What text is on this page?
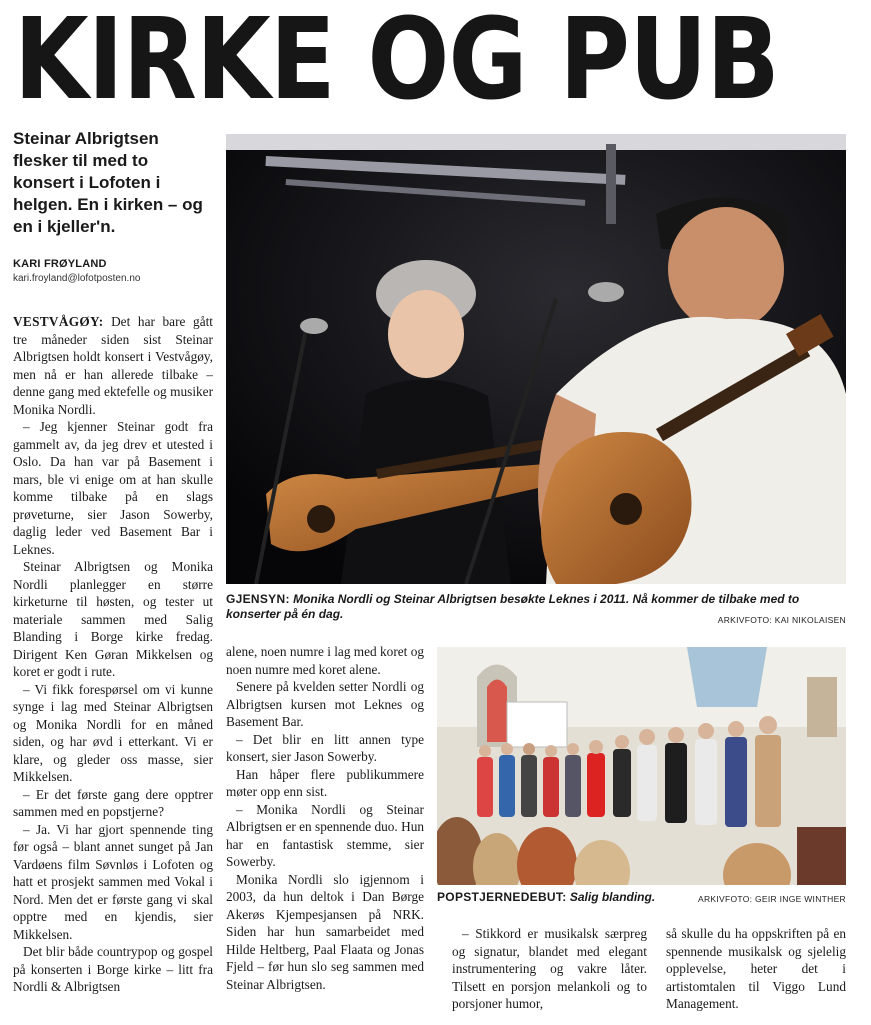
KIRKE OG PUB
Steinar Albrigtsen flesker til med to konsert i Lofoten i helgen. En i kirken – og en i kjeller'n.
KARI FRØYLAND
kari.froyland@lofotposten.no

VESTVÅGØY: Det har bare gått tre måneder siden sist Steinar Albrigtsen holdt konsert i Vestvågøy, men nå er han allerede tilbake – denne gang med ektefelle og musiker Monika Nordli.

– Jeg kjenner Steinar godt fra gammelt av, da jeg drev et utested i Oslo. Da han var på Basement i mars, ble vi enige om at han skulle komme tilbake på en slags prøveturne, sier Jason Sowerby, daglig leder ved Basement Bar i Leknes.

Steinar Albrigtsen og Monika Nordli planlegger en større kirketurne til høsten, og tester ut materiale sammen med Salig Blanding i Borge kirke fredag. Dirigent Ken Gøran Mikkelsen og koret er godt i rute.

– Vi fikk forespørsel om vi kunne synge i lag med Steinar Albrigtsen og Monika Nordli for en måned siden, og har øvd i etterkant. Vi er klare, og gleder oss masse, sier Mikkelsen.

– Er det første gang dere opptrer sammen med en popstjerne?

– Ja. Vi har gjort spennende ting før også – blant annet sunget på Jan Vardøens film Søvnløs i Lofoten og hatt et prosjekt sammen med Vokal i Nord. Men det er første gang vi skal opptre med en kjendis, sier Mikkelsen.

Det blir både countrypop og gospel på konserten i Borge kirke – litt fra Nordli & Albrigtsen

GJENSYN: Monika Nordli og Steinar Albrigtsen besøkte Leknes i 2011. Nå kommer de tilbake med to konserter på én dag.	ARKIVFOTO: KAI NIKOLAISEN

alene, noen numre i lag med koret og noen numre med koret alene.

Senere på kvelden setter Nordli og Albrigtsen kursen mot Leknes og Basement Bar.

– Det blir en litt annen type konsert, sier Jason Sowerby.

Han håper flere publikummere møter opp enn sist.

– Monika Nordli og Steinar Albrigtsen er en spennende duo. Hun har en fantastisk stemme, sier Sowerby.

Monika Nordli slo igjennom i 2003, da hun deltok i Dan Børge Akerøs Kjempesjansen på NRK. Siden har hun samarbeidet med Hilde Heltberg, Paal Flaata og Jonas Fjeld – før hun slo seg sammen med Steinar Albrigtsen.

POPSTJERNEDEBUT: Salig blanding.	ARKIVFOTO: GEIR INGE WINTHER

– Stikkord er musikalsk særpreg og signatur, blandet med elegant instrumentering og vakre låter. Tilsett en porsjon melankoli og to porsjoner humor,

så skulle du ha oppskriften på en spennende musikalsk og sjelelig opplevelse, heter det i artistomtalen til Viggo Lund Management.
